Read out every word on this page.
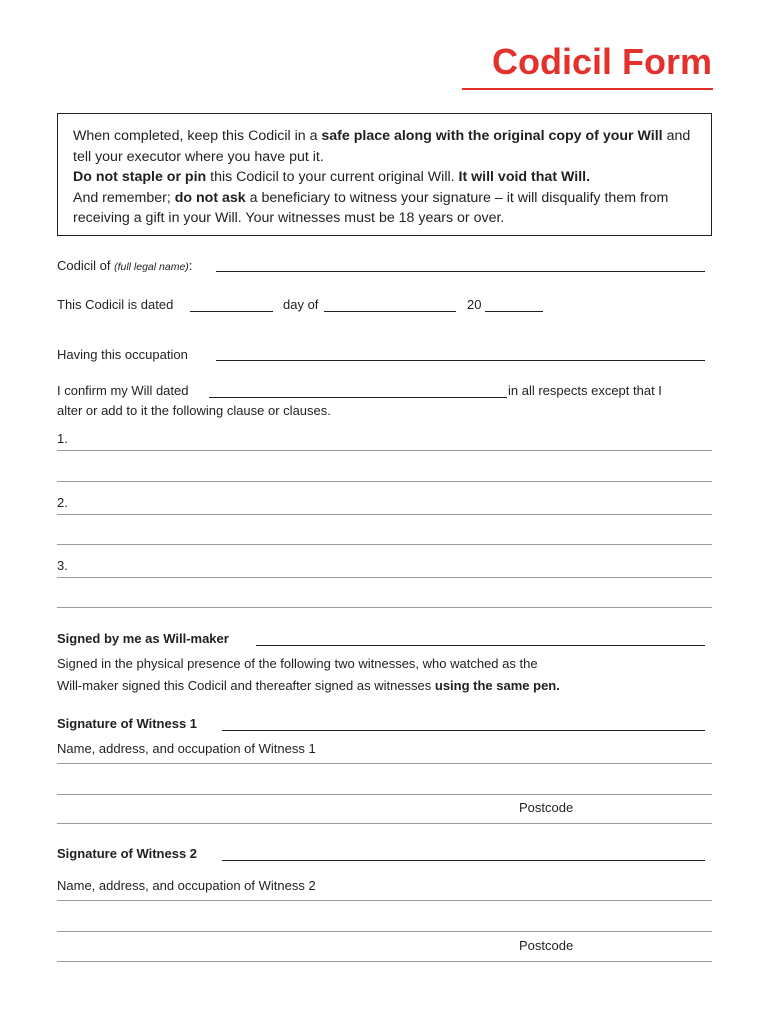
Codicil Form

When completed, keep this Codicil in a safe place along with the original copy of your Will and tell your executor where you have put it.

Do not staple or pin this Codicil to your current original Will. It will void that Will.

And remember; do not ask a beneficiary to witness your signature – it will disqualify them from receiving a gift in your Will. Your witnesses must be 18 years or over.

Codicil of (full legal name):
This Codicil is dated	day of	20
Having this occupation
I confirm my Will dated	in all respects except that I
alter or add to it the following clause or clauses.
1.
2.
3.
Signed by me as Will-maker
Signed in the physical presence of the following two witnesses, who watched as the
Will-maker signed this Codicil and thereafter signed as witnesses using the same pen.
Signature of Witness 1
Name, address, and occupation of Witness 1
Postcode
Signature of Witness 2
Name, address, and occupation of Witness 2
Postcode
